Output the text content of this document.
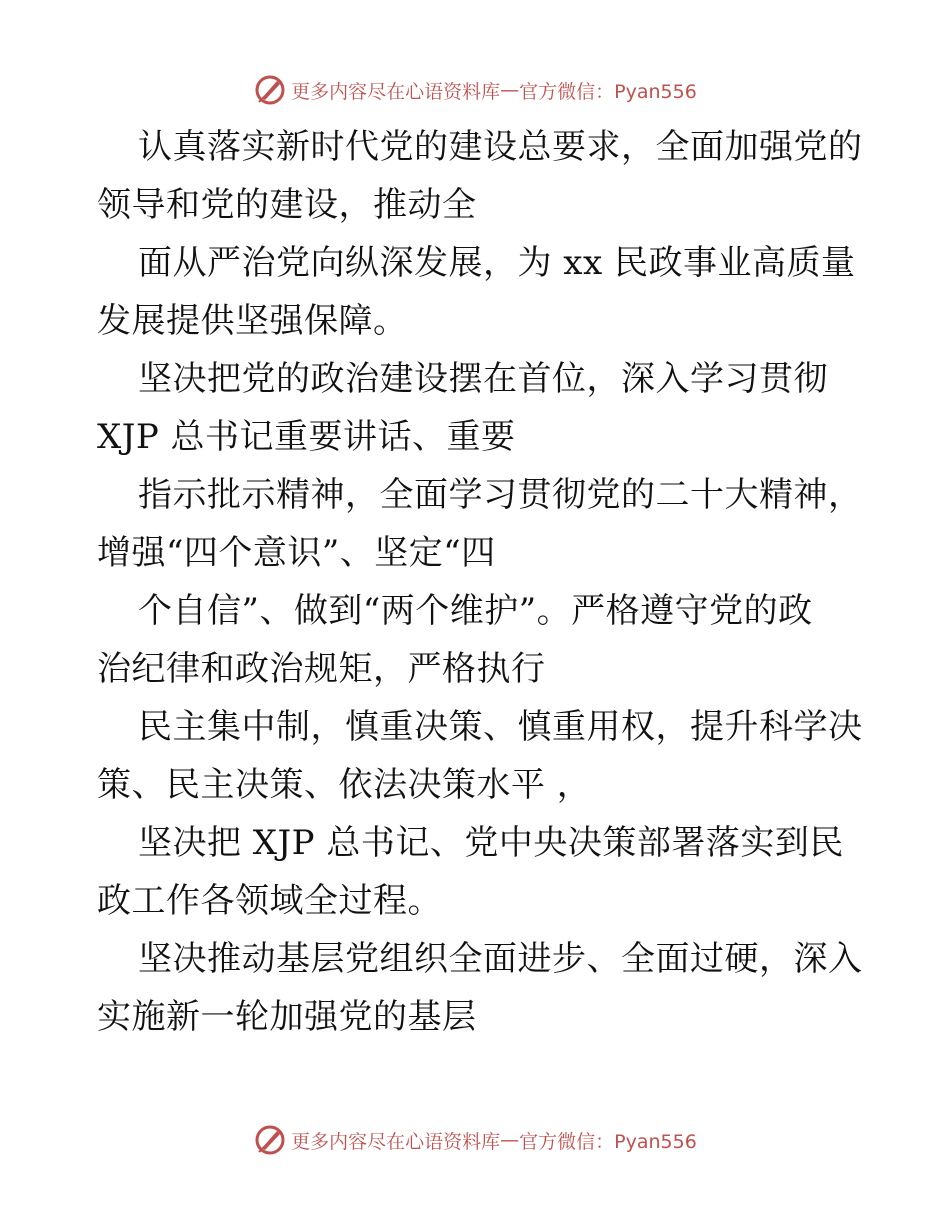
更多内容尽在心语资料库 — 官方微信：Pyan556
认真落实新时代党的建设总要求，全面加强党的
领导和党的建设，推动全
面从严治党向纵深发展，为 xx 民政事业高质量
发展提供坚强保障。
坚决把党的政治建设摆在首位，深入学习贯彻
XJP 总书记重要讲话、重要
指示批示精神，全面学习贯彻党的二十大精神，
增强“四个意识”、坚定“四
个自信”、做到“两个维护”。严格遵守党的政
治纪律和政治规矩，严格执行
民主集中制，慎重决策、慎重用权，提升科学决
策、民主决策、依法决策水平 ，
坚决把 XJP 总书记、党中央决策部署落实到民
政工作各领域全过程。
坚决推动基层党组织全面进步、全面过硬，深入
实施新一轮加强党的基层
更多内容尽在心语资料库 — 官方微信：Pyan556
